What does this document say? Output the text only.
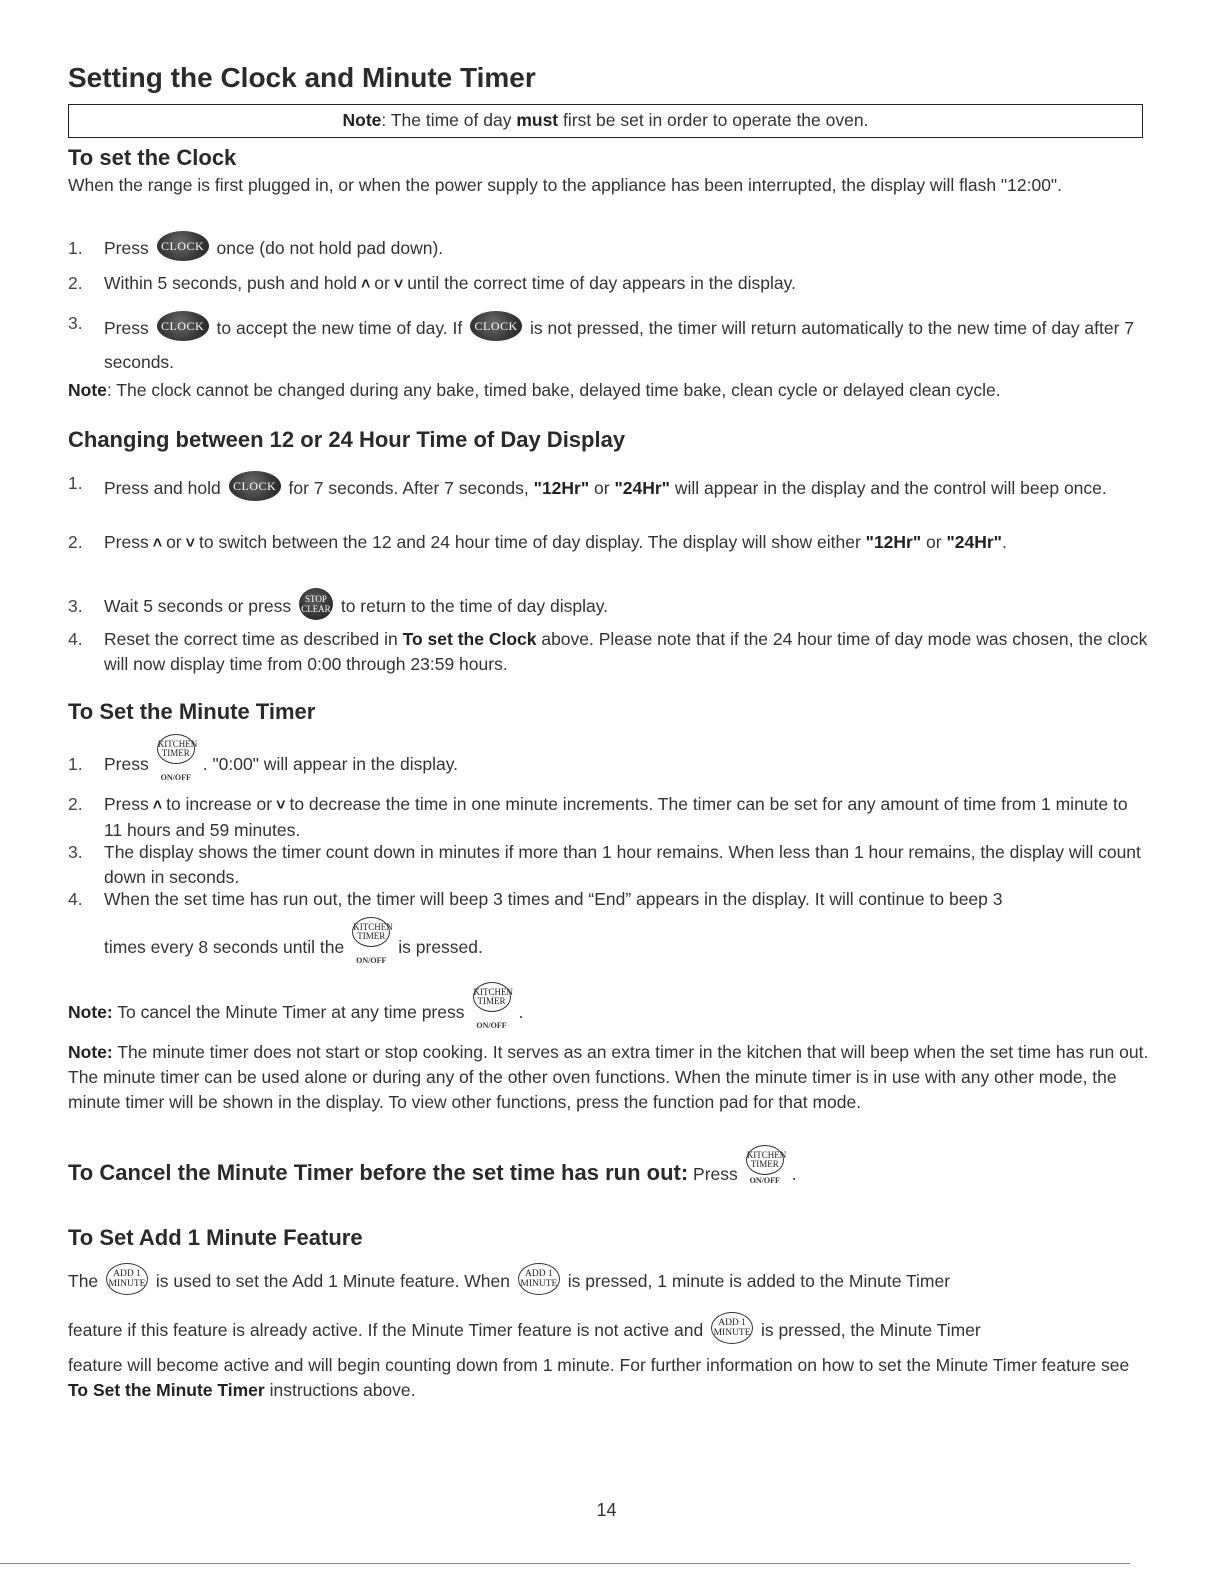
Setting the Clock and Minute Timer
Note: The time of day must first be set in order to operate the oven.
To set the Clock
When the range is first plugged in, or when the power supply to the appliance has been interrupted, the display will flash "12:00".
1. Press CLOCK once (do not hold pad down).
2. Within 5 seconds, push and hold ˄ or ˅ until the correct time of day appears in the display.
3. Press CLOCK to accept the new time of day. If CLOCK is not pressed, the timer will return automatically to the new time of day after 7 seconds.
Note: The clock cannot be changed during any bake, timed bake, delayed time bake, clean cycle or delayed clean cycle.
Changing between 12 or 24 Hour Time of Day Display
1. Press and hold CLOCK for 7 seconds. After 7 seconds, "12Hr" or "24Hr" will appear in the display and the control will beep once.
2. Press ˄ or ˅ to switch between the 12 and 24 hour time of day display. The display will show either "12Hr" or "24Hr".
3. Wait 5 seconds or press STOP
CLEAR to return to the time of day display.
4. Reset the correct time as described in To set the Clock above. Please note that if the 24 hour time of day mode was chosen, the clock will now display time from 0:00 through 23:59 hours.
To Set the Minute Timer
1. Press
KITCHEN
TIMER
ON/OFF
. "0:00" will appear in the display.
2. Press ˄ to increase or ˅ to decrease the time in one minute increments. The timer can be set for any amount of time from 1 minute to 11 hours and 59 minutes.
3. The display shows the timer count down in minutes if more than 1 hour remains. When less than 1 hour remains, the display will count down in seconds.
4. When the set time has run out, the timer will beep 3 times and “End” appears in the display. It will continue to beep 3
times every 8 seconds until the
KITCHEN
TIMER
ON/OFF
is pressed.
Note: To cancel the Minute Timer at any time press
KITCHEN
TIMER
ON/OFF
.
Note: The minute timer does not start or stop cooking. It serves as an extra timer in the kitchen that will beep when the set time has run out. The minute timer can be used alone or during any of the other oven functions. When the minute timer is in use with any other mode, the minute timer will be shown in the display. To view other functions, press the function pad for that mode.
To Cancel the Minute Timer before the set time has run out: Press
KITCHEN
TIMER
ON/OFF .
To Set Add 1 Minute Feature
The ADD 1
MINUTE is used to set the Add 1 Minute feature. When ADD 1
MINUTE is pressed, 1 minute is added to the Minute Timer
feature if this feature is already active. If the Minute Timer feature is not active and ADD 1
MINUTE is pressed, the Minute Timer
feature will become active and will begin counting down from 1 minute. For further information on how to set the Minute Timer feature see To Set the Minute Timer instructions above.
14
